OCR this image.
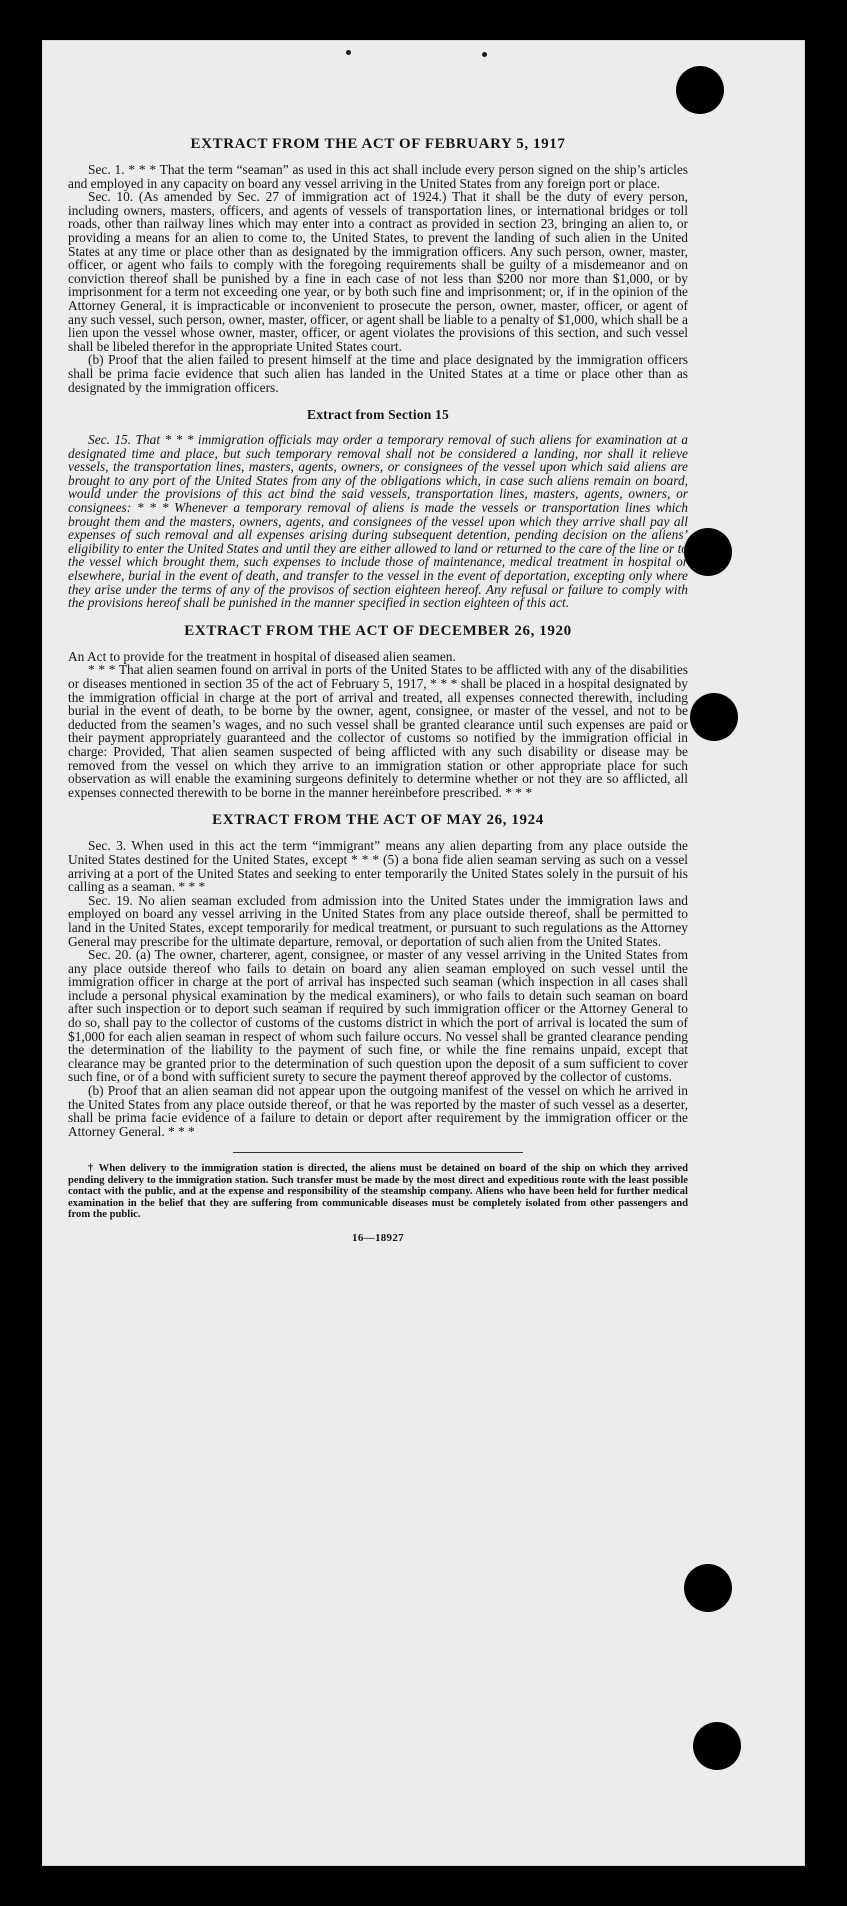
EXTRACT FROM THE ACT OF FEBRUARY 5, 1917

Sec. 1. * * * That the term “seaman” as used in this act shall include every person signed on the ship’s articles and employed in any capacity on board any vessel arriving in the United States from any foreign port or place.

Sec. 10. (As amended by Sec. 27 of immigration act of 1924.) That it shall be the duty of every person, including owners, masters, officers, and agents of vessels of transportation lines, or international bridges or toll roads, other than railway lines which may enter into a contract as provided in section 23, bringing an alien to, or providing a means for an alien to come to, the United States, to prevent the landing of such alien in the United States at any time or place other than as designated by the immigration officers. Any such person, owner, master, officer, or agent who fails to comply with the foregoing requirements shall be guilty of a misdemeanor and on conviction thereof shall be punished by a fine in each case of not less than $200 nor more than $1,000, or by imprisonment for a term not exceeding one year, or by both such fine and imprisonment; or, if in the opinion of the Attorney General, it is impracticable or inconvenient to prosecute the person, owner, master, officer, or agent of any such vessel, such person, owner, master, officer, or agent shall be liable to a penalty of $1,000, which shall be a lien upon the vessel whose owner, master, officer, or agent violates the provisions of this section, and such vessel shall be libeled therefor in the appropriate United States court.

(b) Proof that the alien failed to present himself at the time and place designated by the immigration officers shall be prima facie evidence that such alien has landed in the United States at a time or place other than as designated by the immigration officers.

Extract from Section 15

Sec. 15. That * * * immigration officials may order a temporary removal of such aliens for examination at a designated time and place, but such temporary removal shall not be considered a landing, nor shall it relieve vessels, the transportation lines, masters, agents, owners, or consignees of the vessel upon which said aliens are brought to any port of the United States from any of the obligations which, in case such aliens remain on board, would under the provisions of this act bind the said vessels, transportation lines, masters, agents, owners, or consignees: * * * Whenever a temporary removal of aliens is made the vessels or transportation lines which brought them and the masters, owners, agents, and consignees of the vessel upon which they arrive shall pay all expenses of such removal and all expenses arising during subsequent detention, pending decision on the aliens’ eligibility to enter the United States and until they are either allowed to land or returned to the care of the line or to the vessel which brought them, such expenses to include those of maintenance, medical treatment in hospital or elsewhere, burial in the event of death, and transfer to the vessel in the event of deportation, excepting only where they arise under the terms of any of the provisos of section eighteen hereof. Any refusal or failure to comply with the provisions hereof shall be punished in the manner specified in section eighteen of this act.

EXTRACT FROM THE ACT OF DECEMBER 26, 1920

An Act to provide for the treatment in hospital of diseased alien seamen.

* * * That alien seamen found on arrival in ports of the United States to be afflicted with any of the disabilities or diseases mentioned in section 35 of the act of February 5, 1917, * * * shall be placed in a hospital designated by the immigration official in charge at the port of arrival and treated, all expenses connected therewith, including burial in the event of death, to be borne by the owner, agent, consignee, or master of the vessel, and not to be deducted from the seamen’s wages, and no such vessel shall be granted clearance until such expenses are paid or their payment appropriately guaranteed and the collector of customs so notified by the immigration official in charge: Provided, That alien seamen suspected of being afflicted with any such disability or disease may be removed from the vessel on which they arrive to an immigration station or other appropriate place for such observation as will enable the examining surgeons definitely to determine whether or not they are so afflicted, all expenses connected therewith to be borne in the manner hereinbefore prescribed. * * *

EXTRACT FROM THE ACT OF MAY 26, 1924

Sec. 3. When used in this act the term “immigrant” means any alien departing from any place outside the United States destined for the United States, except * * * (5) a bona fide alien seaman serving as such on a vessel arriving at a port of the United States and seeking to enter temporarily the United States solely in the pursuit of his calling as a seaman. * * *

Sec. 19. No alien seaman excluded from admission into the United States under the immigration laws and employed on board any vessel arriving in the United States from any place outside thereof, shall be permitted to land in the United States, except temporarily for medical treatment, or pursuant to such regulations as the Attorney General may prescribe for the ultimate departure, removal, or deportation of such alien from the United States.

Sec. 20. (a) The owner, charterer, agent, consignee, or master of any vessel arriving in the United States from any place outside thereof who fails to detain on board any alien seaman employed on such vessel until the immigration officer in charge at the port of arrival has inspected such seaman (which inspection in all cases shall include a personal physical examination by the medical examiners), or who fails to detain such seaman on board after such inspection or to deport such seaman if required by such immigration officer or the Attorney General to do so, shall pay to the collector of customs of the customs district in which the port of arrival is located the sum of $1,000 for each alien seaman in respect of whom such failure occurs. No vessel shall be granted clearance pending the determination of the liability to the payment of such fine, or while the fine remains unpaid, except that clearance may be granted prior to the determination of such question upon the deposit of a sum sufficient to cover such fine, or of a bond with sufficient surety to secure the payment thereof approved by the collector of customs.

(b) Proof that an alien seaman did not appear upon the outgoing manifest of the vessel on which he arrived in the United States from any place outside thereof, or that he was reported by the master of such vessel as a deserter, shall be prima facie evidence of a failure to detain or deport after requirement by the immigration officer or the Attorney General. * * *

† When delivery to the immigration station is directed, the aliens must be detained on board of the ship on which they arrived pending delivery to the immigration station. Such transfer must be made by the most direct and expeditious route with the least possible contact with the public, and at the expense and responsibility of the steamship company. Aliens who have been held for further medical examination in the belief that they are suffering from communicable diseases must be completely isolated from other passengers and from the public.

16—18927
